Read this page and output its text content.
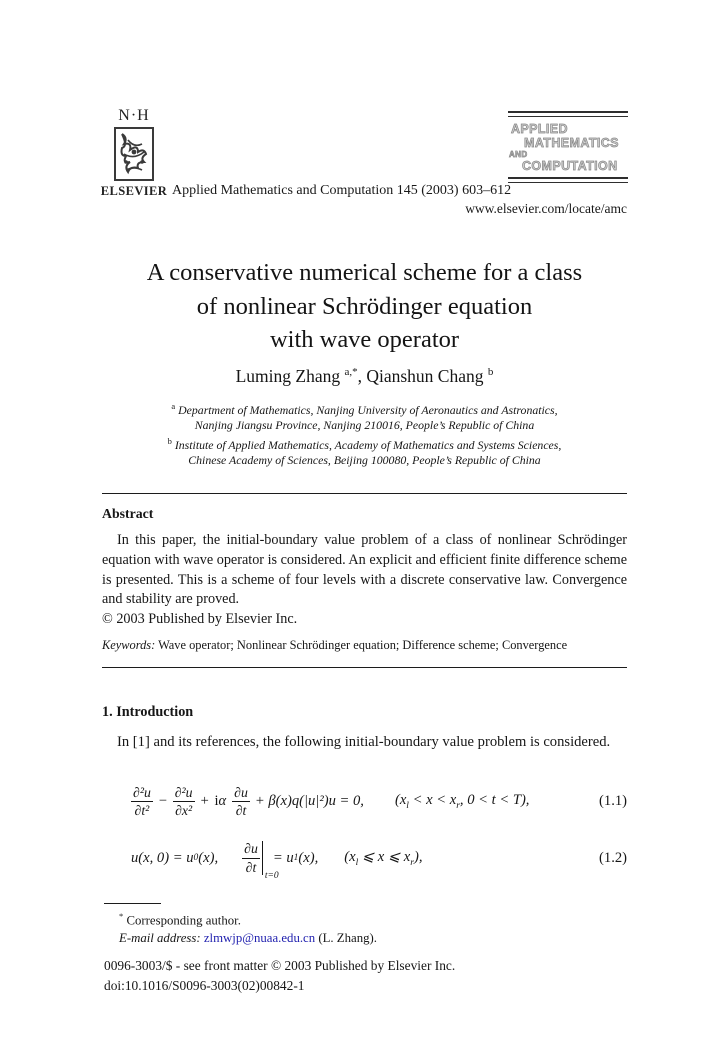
N·H
ELSEVIER
APPLIED
MATHEMATICS
AND
COMPUTATION
Applied Mathematics and Computation 145 (2003) 603–612
www.elsevier.com/locate/amc
A conservative numerical scheme for a class
of nonlinear Schrödinger equation
with wave operator
Luming Zhang $^{a,*}$, Qianshun Chang $^b$
$^a$ Department of Mathematics, Nanjing University of Aeronautics and Astronatics,
Nanjing Jiangsu Province, Nanjing 210016, People’s Republic of China
$^b$ Institute of Applied Mathematics, Academy of Mathematics and Systems Sciences,
Chinese Academy of Sciences, Beijing 100080, People’s Republic of China
Abstract

In this paper, the initial-boundary value problem of a class of nonlinear Schrödinger equation with wave operator is considered. An explicit and efficient finite difference scheme is presented. This is a scheme of four levels with a discrete conservative law. Convergence and stability are proved.

© 2003 Published by Elsevier Inc.

Keywords: Wave operator; Nonlinear Schrödinger equation; Difference scheme; Convergence
1. Introduction
In [1] and its references, the following initial-boundary value problem is considered.
$\frac{\text{∂²u}}{\text{∂t²}} - \frac{\text{∂²u}}{\text{∂x²}} + i$ α $\frac{\partial u}{\partial t} + \beta(x)q(|u|^2)u = 0$, ($x_l < x < x_r$, 0 < t < T),	(1.1)
u(x, 0) = u 0 (x), $\frac{\partial u}{\partial t}$
t=0
= u 1 (x), ($x_l$ ⩽ x ⩽ $x_r$),	(1.2)
* Corresponding author.
E-mail address: zlmwjp@nuaa.edu.cn (L. Zhang).
0096-3003/$ - see front matter © 2003 Published by Elsevier Inc.
doi:10.1016/S0096-3003(02)00842-1
